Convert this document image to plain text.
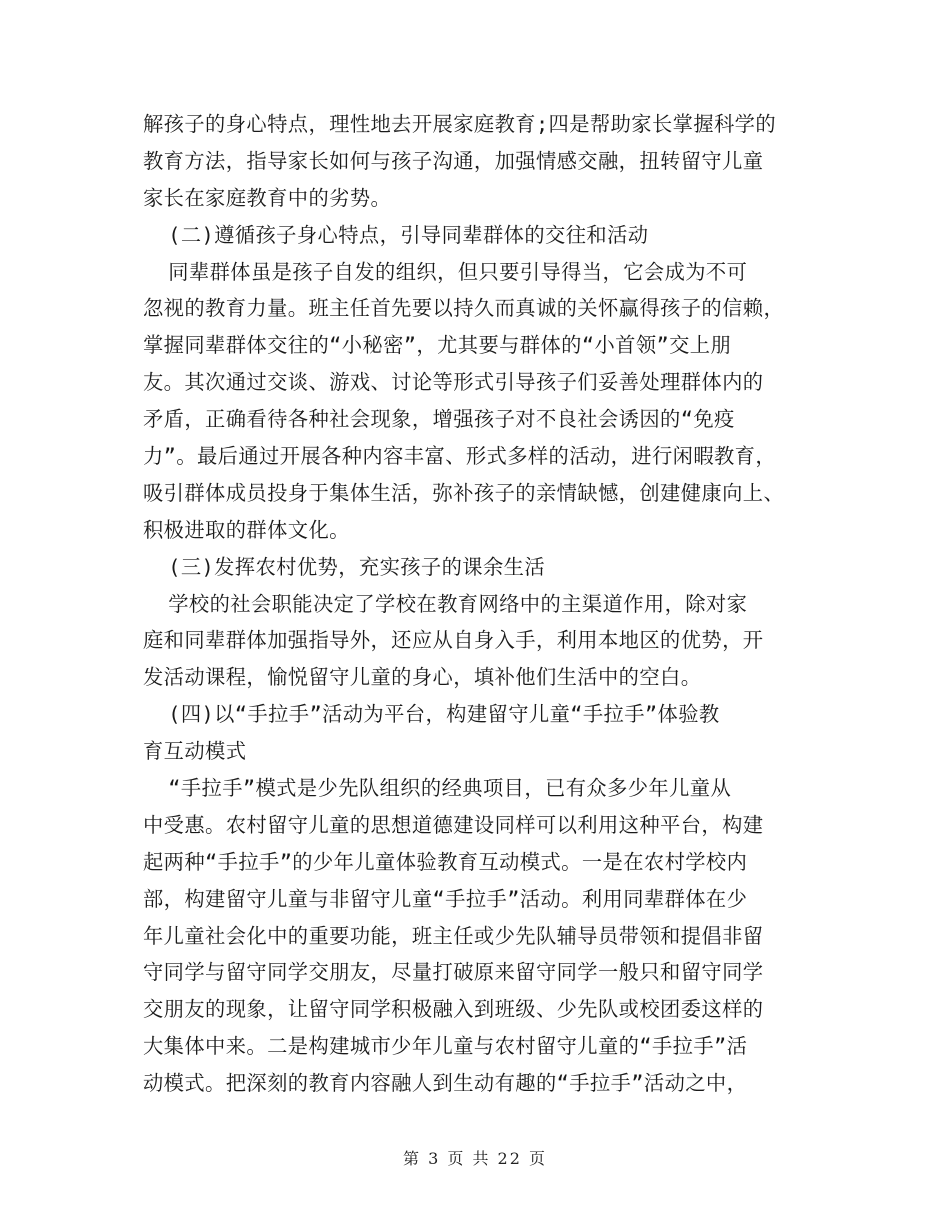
解孩子的身心特点，理性地去开展家庭教育;四是帮助家长掌握科学的
教育方法，指导家长如何与孩子沟通，加强情感交融，扭转留守儿童
家长在家庭教育中的劣势。
(二)遵循孩子身心特点，引导同辈群体的交往和活动
同辈群体虽是孩子自发的组织，但只要引导得当，它会成为不可
忽视的教育力量。班主任首先要以持久而真诚的关怀赢得孩子的信赖，
掌握同辈群体交往的“小秘密”，尤其要与群体的“小首领”交上朋
友。其次通过交谈、游戏、讨论等形式引导孩子们妥善处理群体内的
矛盾，正确看待各种社会现象，增强孩子对不良社会诱因的“免疫
力”。最后通过开展各种内容丰富、形式多样的活动，进行闲暇教育，
吸引群体成员投身于集体生活，弥补孩子的亲情缺憾，创建健康向上、
积极进取的群体文化。
(三)发挥农村优势，充实孩子的课余生活
学校的社会职能决定了学校在教育网络中的主渠道作用，除对家
庭和同辈群体加强指导外，还应从自身入手，利用本地区的优势，开
发活动课程，愉悦留守儿童的身心，填补他们生活中的空白。
(四)以“手拉手”活动为平台，构建留守儿童“手拉手”体验教
育互动模式
“手拉手”模式是少先队组织的经典项目，已有众多少年儿童从
中受惠。农村留守儿童的思想道德建设同样可以利用这种平台，构建
起两种“手拉手”的少年儿童体验教育互动模式。一是在农村学校内
部，构建留守儿童与非留守儿童“手拉手”活动。利用同辈群体在少
年儿童社会化中的重要功能，班主任或少先队辅导员带领和提倡非留
守同学与留守同学交朋友，尽量打破原来留守同学一般只和留守同学
交朋友的现象，让留守同学积极融入到班级、少先队或校团委这样的
大集体中来。二是构建城市少年儿童与农村留守儿童的“手拉手”活
动模式。把深刻的教育内容融人到生动有趣的“手拉手”活动之中，
第 3 页 共 22 页
